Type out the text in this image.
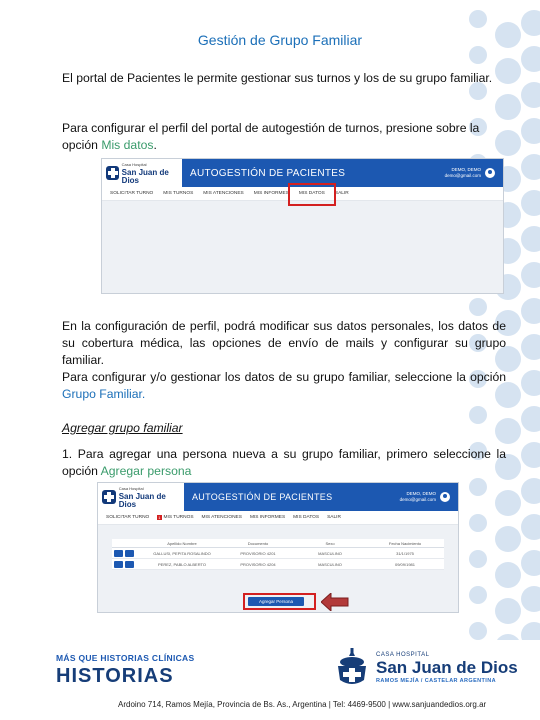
Gestión de Grupo Familiar

El portal de Pacientes le permite gestionar sus turnos y los de su grupo familiar.

Para configurar el perfil del portal de autogestión de turnos, presione sobre la opción Mis datos.

Casa Hospital
San Juan de Dios
AUTOGESTIÓN DE PACIENTES	DEMO, DEMO
demo@gmail.com
SOLICITAR TURNO MIS TURNOS MIS ATENCIONES MIS INFORMES MIS DATOS SALIR

En la configuración de perfil, podrá modificar sus datos personales, los datos de su cobertura médica, las opciones de envío de mails y configurar su grupo familiar.

Para configurar y/o gestionar los datos de su grupo familiar, seleccione la opción Grupo Familiar.

Agregar grupo familiar

1. Para agregar una persona nueva a su grupo familiar, primero seleccione la opción Agregar persona

Casa Hospital
San Juan de Dios
AUTOGESTIÓN DE PACIENTES	DEMO, DEMO
demo@gmail.com
SOLICITAR TURNO 1 MIS TURNOS MIS ATENCIONES MIS INFORMES MIS DATOS SALIR
Apellido Nombre	Documento	Sexo	Fecha Nacimiento
GALLUSI, PEPITA ROSALINDO	PROVISORIO 4201	MASCULINO	31/1/1975
PEREZ, PABLO ALBERTO	PROVISORIO 4204	MASCULINO	09/09/1981
Agregar Persona
MÁS QUE HISTORIAS CLÍNICAS
HISTORIAS
CASA HOSPITAL
San Juan de Dios
RAMOS MEJÍA / CASTELAR ARGENTINA
Ardoino 714, Ramos Mejía, Provincia de Bs. As., Argentina | Tel: 4469-9500 | www.sanjuandedios.org.ar
